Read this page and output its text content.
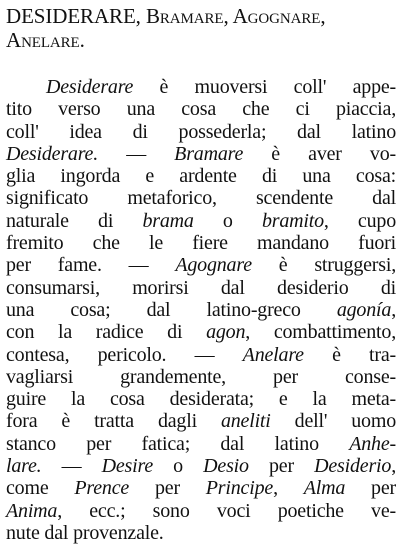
DESIDERARE, Bramare, Agognare,
Anelare.
Desiderare è muoversi coll' appe-
tito verso una cosa che ci piaccia,
coll' idea di possederla; dal latino
Desiderare. — Bramare è aver vo-
glia ingorda e ardente di una cosa:
significato metaforico, scendente dal
naturale di brama o bramito, cupo
fremito che le fiere mandano fuori
per fame. — Agognare è struggersi,
consumarsi, morirsi dal desiderio di
una cosa; dal latino-greco agonía,
con la radice di agon, combattimento,
contesa, pericolo. — Anelare è tra-
vagliarsi grandemente, per conse-
guire la cosa desiderata; e la meta-
fora è tratta dagli aneliti dell' uomo
stanco per fatica; dal latino Anhe-
lare. — Desire o Desio per Desiderio,
come Prence per Principe, Alma per
Anima, ecc.; sono voci poetiche ve-
nute dal provenzale.
